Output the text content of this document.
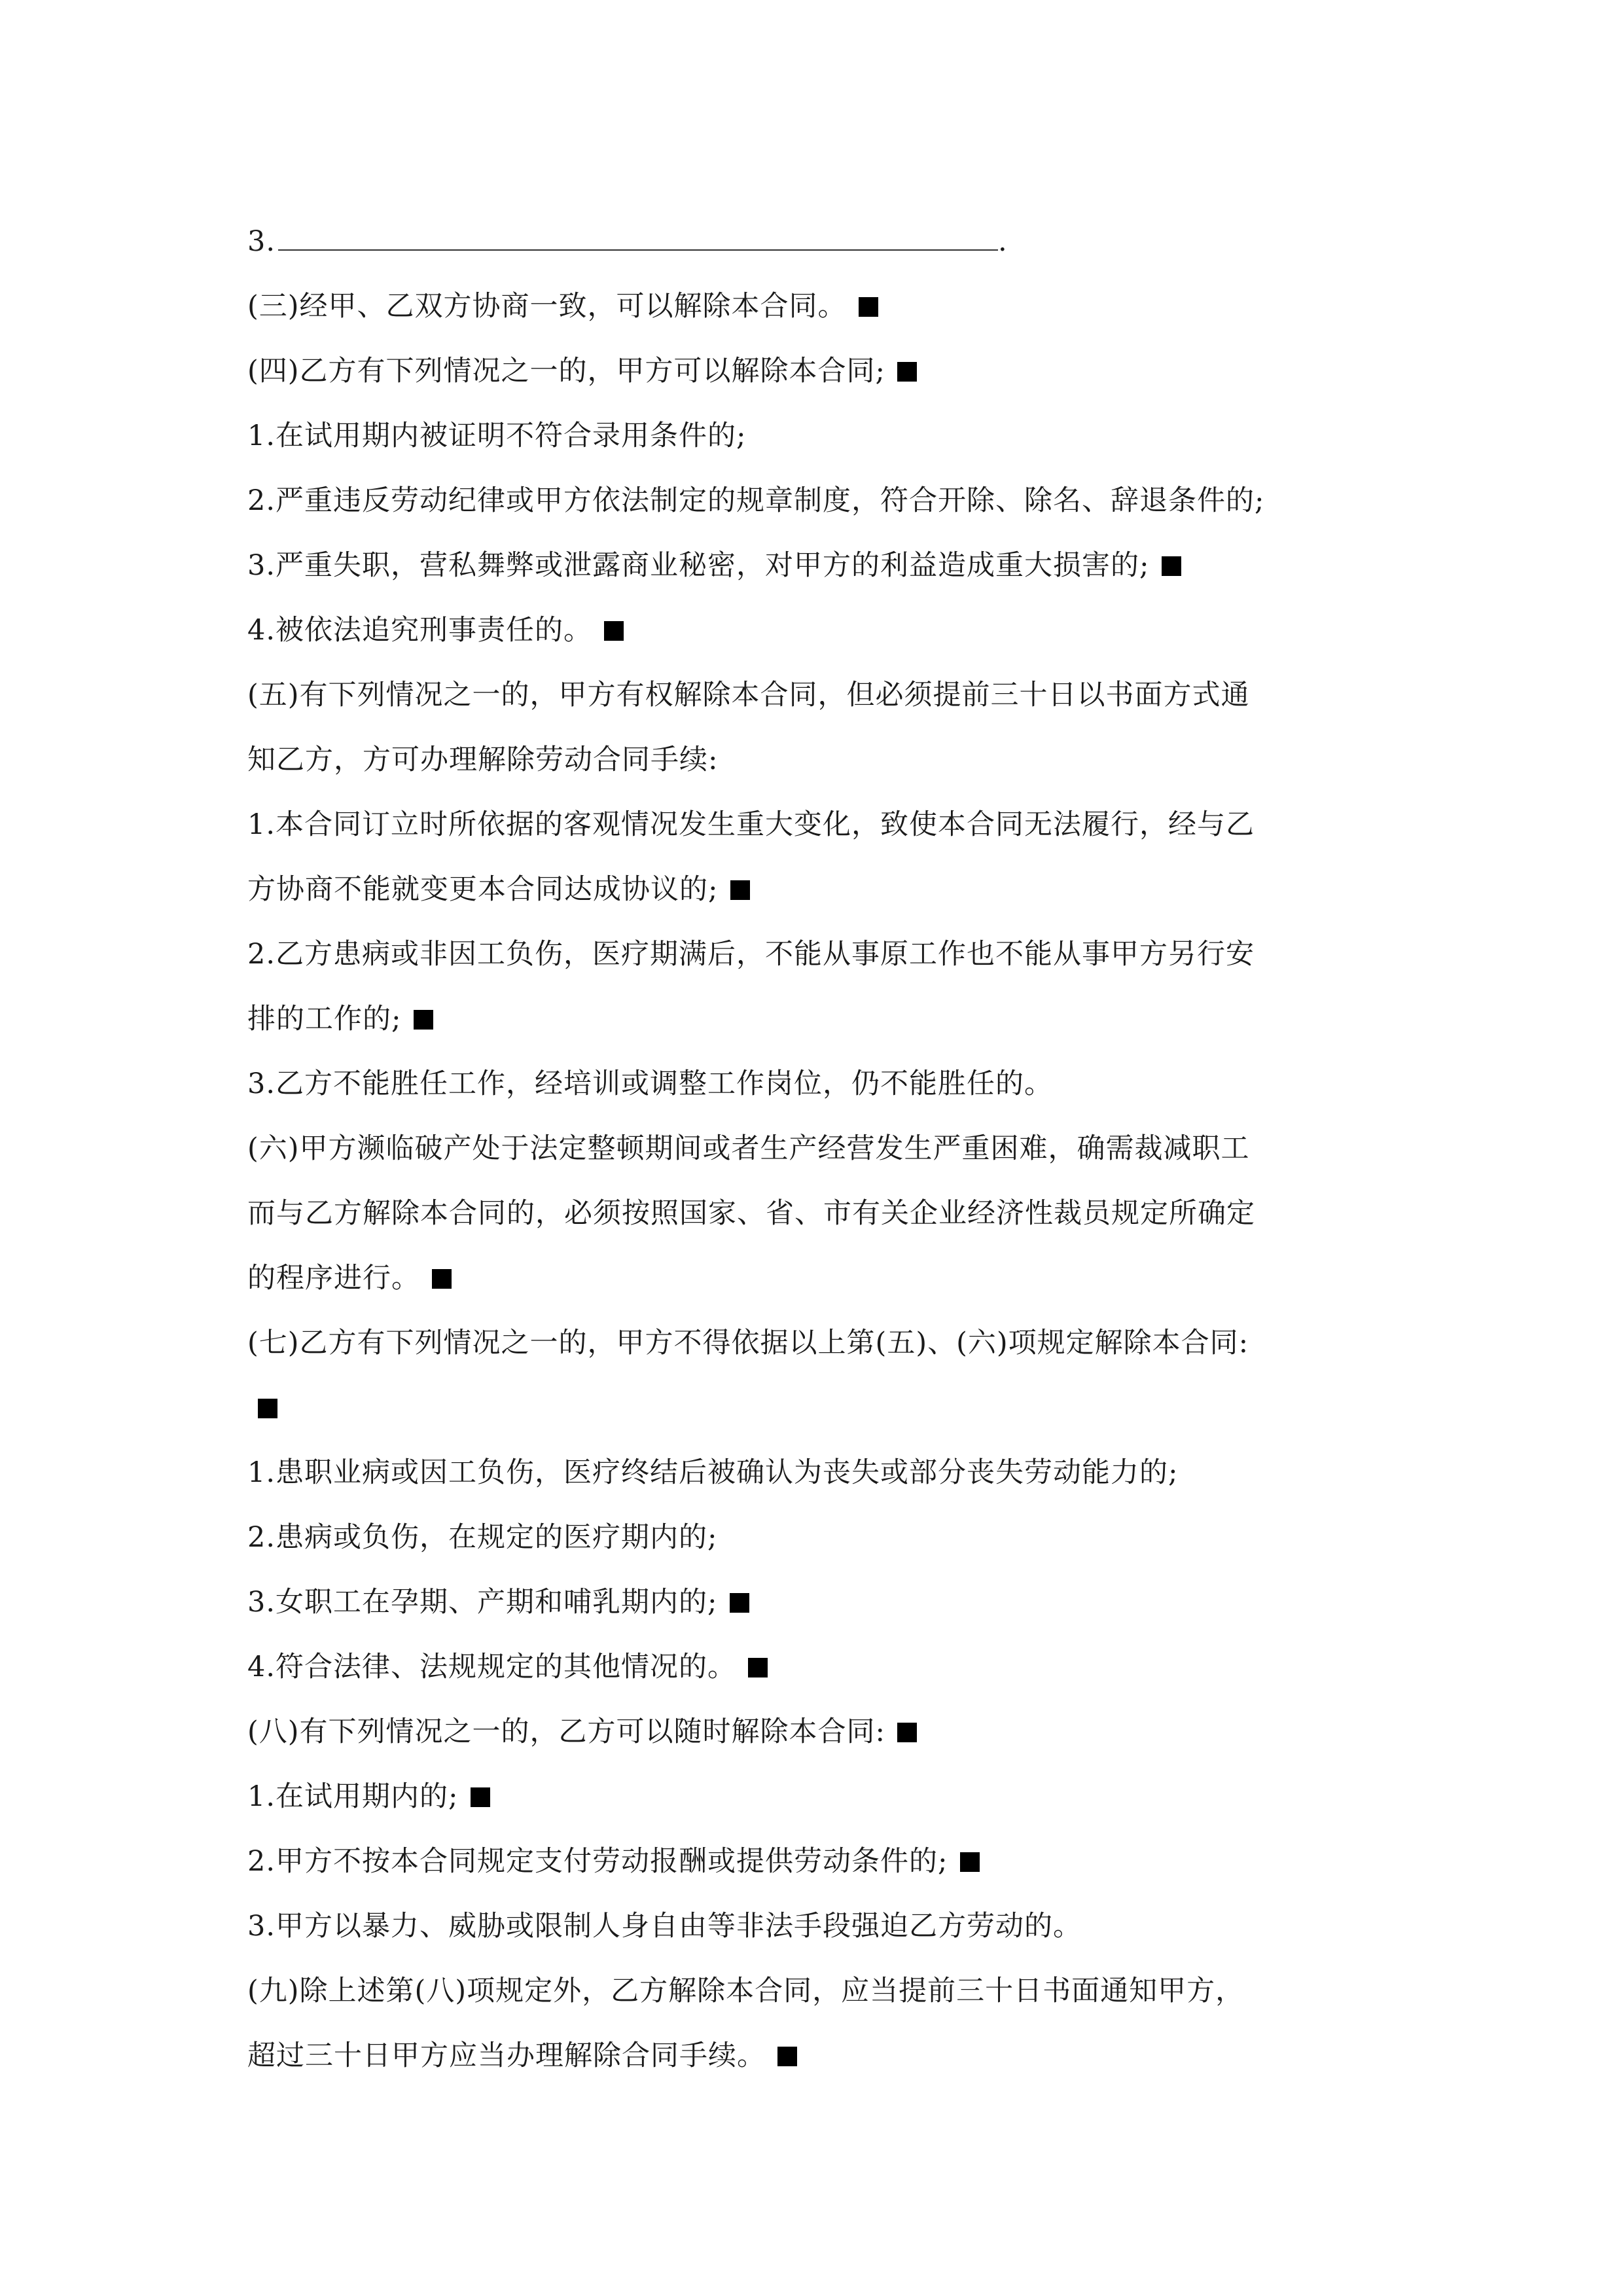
3.	.
(三)经甲、乙双方协商一致，可以解除本合同。
(四)乙方有下列情况之一的，甲方可以解除本合同;
1.在试用期内被证明不符合录用条件的;
2.严重违反劳动纪律或甲方依法制定的规章制度，符合开除、除名、辞退条件的;
3.严重失职，营私舞弊或泄露商业秘密，对甲方的利益造成重大损害的;
4.被依法追究刑事责任的。
(五)有下列情况之一的，甲方有权解除本合同，但必须提前三十日以书面方式通
知乙方，方可办理解除劳动合同手续:
1.本合同订立时所依据的客观情况发生重大变化，致使本合同无法履行，经与乙
方协商不能就变更本合同达成协议的;
2.乙方患病或非因工负伤，医疗期满后，不能从事原工作也不能从事甲方另行安
排的工作的;
3.乙方不能胜任工作，经培训或调整工作岗位，仍不能胜任的。
(六)甲方濒临破产处于法定整顿期间或者生产经营发生严重困难，确需裁减职工
而与乙方解除本合同的，必须按照国家、省、市有关企业经济性裁员规定所确定
的程序进行。
(七)乙方有下列情况之一的，甲方不得依据以上第(五)、(六)项规定解除本合同:
1.患职业病或因工负伤，医疗终结后被确认为丧失或部分丧失劳动能力的;
2.患病或负伤，在规定的医疗期内的;
3.女职工在孕期、产期和哺乳期内的;
4.符合法律、法规规定的其他情况的。
(八)有下列情况之一的，乙方可以随时解除本合同:
1.在试用期内的;
2.甲方不按本合同规定支付劳动报酬或提供劳动条件的;
3.甲方以暴力、威胁或限制人身自由等非法手段强迫乙方劳动的。
(九)除上述第(八)项规定外，乙方解除本合同，应当提前三十日书面通知甲方，
超过三十日甲方应当办理解除合同手续。
